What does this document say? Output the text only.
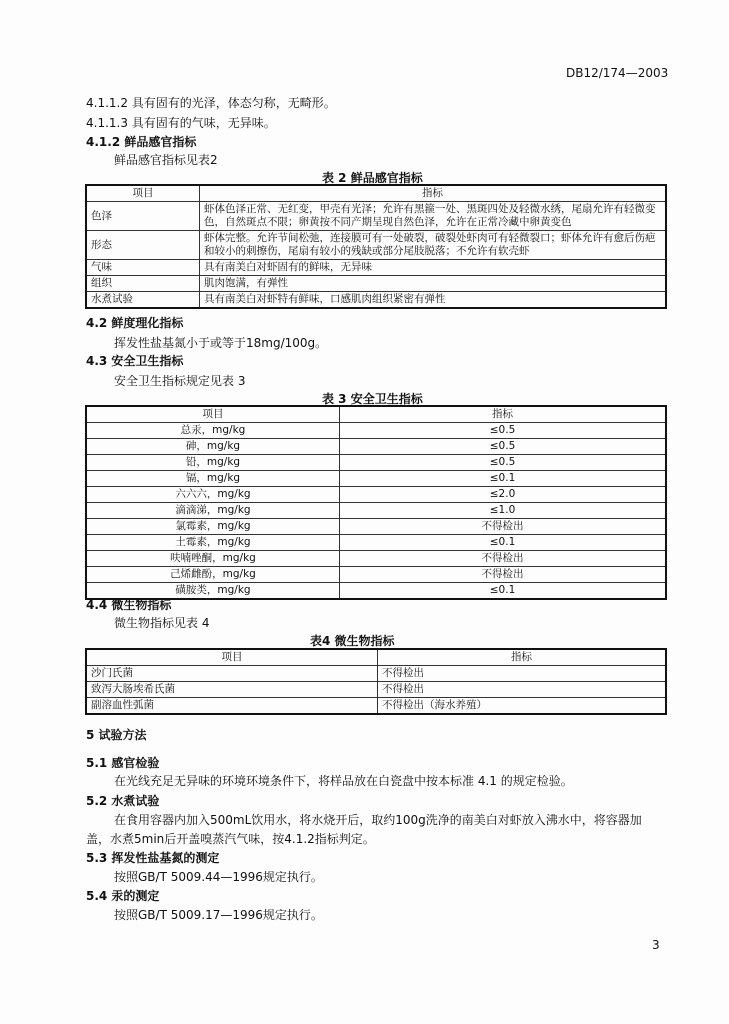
DB12/174—2003
4.1.1.2 具有固有的光泽，体态匀称，无畸形。
4.1.1.3 具有固有的气味，无异味。
4.1.2 鲜品感官指标
鲜品感官指标见表2
表 2 鲜品感官指标
项目	指标
色泽	虾体色泽正常、无红变，甲壳有光泽；允许有黑箍一处、黑斑四处及轻微水绣，尾扇允许有轻微变色，自然斑点不限；卵黄按不同产期呈现自然色泽，允许在正常冷藏中卵黄变色
形态	虾体完整。允许节间松弛，连接膜可有一处破裂，破裂处虾肉可有轻微裂口；虾体允许有愈后伤疤和较小的刺擦伤，尾扇有较小的残缺或部分尾肢脱落；不允许有软壳虾
气味	具有南美白对虾固有的鲜味，无异味
组织	肌肉饱满，有弹性
水煮试验	具有南美白对虾特有鲜味，口感肌肉组织紧密有弹性
4.2 鲜度理化指标
挥发性盐基氮小于或等于18mg/100g。
4.3 安全卫生指标
安全卫生指标规定见表 3
表 3 安全卫生指标
项目	指标
总汞，mg/kg	≤0.5
砷，mg/kg	≤0.5
铅，mg/kg	≤0.5
镉，mg/kg	≤0.1
六六六，mg/kg	≤2.0
滴滴涕，mg/kg	≤1.0
氯霉素，mg/kg	不得检出
土霉素，mg/kg	≤0.1
呋喃唑酮，mg/kg	不得检出
己烯雌酚，mg/kg	不得检出
磺胺类，mg/kg	≤0.1
4.4 微生物指标
微生物指标见表 4
表4 微生物指标
项目	指标
沙门氏菌	不得检出
致泻大肠埃希氏菌	不得检出
副溶血性弧菌	不得检出（海水养殖）
5 试验方法
5.1 感官检验
在光线充足无异味的环境环境条件下，将样品放在白瓷盘中按本标准 4.1 的规定检验。
5.2 水煮试验
在食用容器内加入500mL饮用水，将水烧开后，取约100g洗净的南美白对虾放入沸水中，将容器加
盖，水煮5min后开盖嗅蒸汽气味，按4.1.2指标判定。
5.3 挥发性盐基氮的测定
按照GB/T 5009.44—1996规定执行。
5.4 汞的测定
按照GB/T 5009.17—1996规定执行。
3
